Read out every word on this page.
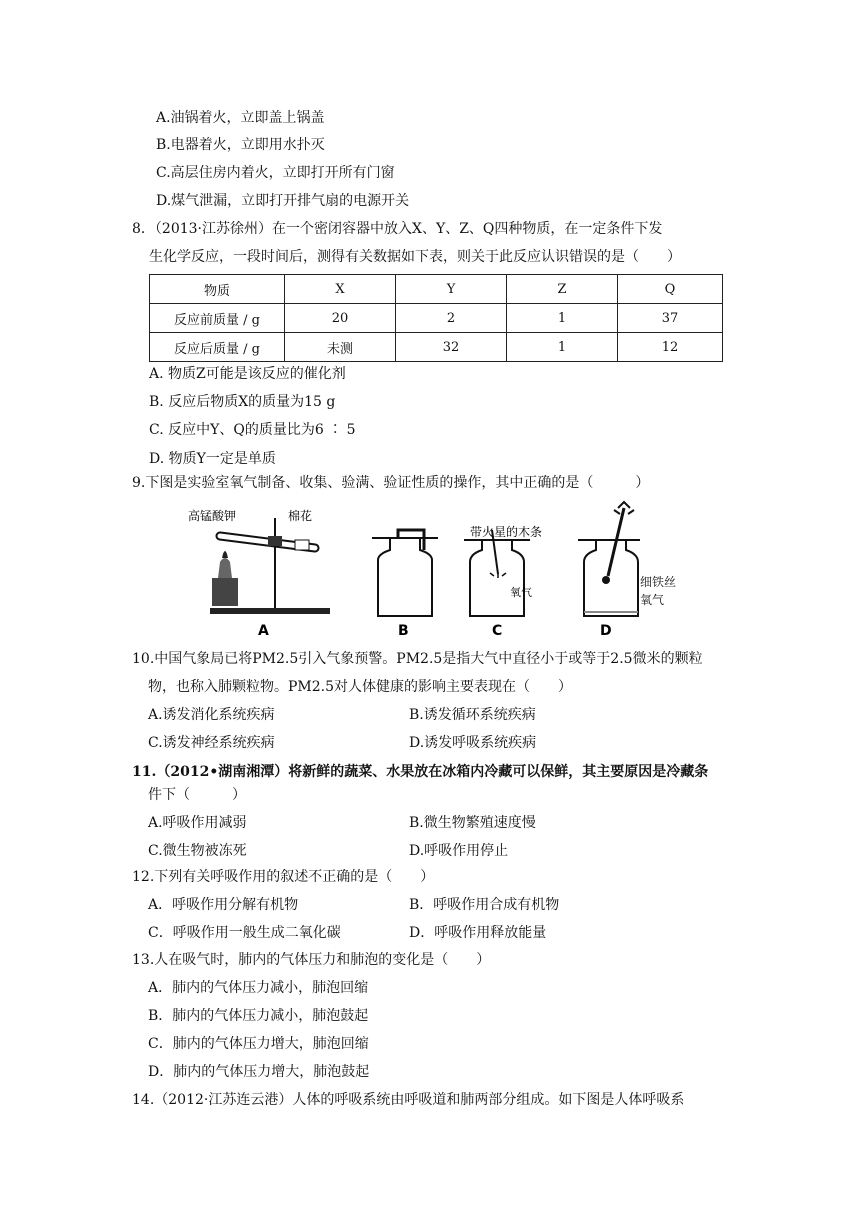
A.油锅着火，立即盖上锅盖
B.电器着火，立即用水扑灭
C.高层住房内着火，立即打开所有门窗
D.煤气泄漏，立即打开排气扇的电源开关
8．（2013·江苏徐州）在一个密闭容器中放入X、Y、Z、Q四种物质，在一定条件下发
生化学反应，一段时间后，测得有关数据如下表，则关于此反应认识错误的是（　　）
物质	X	Y	Z	Q
反应前质量 / g	20	2	1	37
反应后质量 / g	未测	32	1	12
A. 物质Z可能是该反应的催化剂
B. 反应后物质X的质量为15 g
C. 反应中Y、Q的质量比为6 ∶ 5
D. 物质Y一定是单质
9.下图是实验室氧气制备、收集、验满、验证性质的操作，其中正确的是（　　　）
高锰酸钾	棉花
A	B
带火星的木条
氧气
C	D
细铁丝
氧气
10.中国气象局已将PM2.5引入气象预警。PM2.5是指大气中直径小于或等于2.5微米的颗粒
物，也称入肺颗粒物。PM2.5对人体健康的影响主要表现在（　　）
A.诱发消化系统疾病	B.诱发循环系统疾病
C.诱发神经系统疾病	D.诱发呼吸系统疾病
11.（2012•湖南湘潭）将新鲜的蔬菜、水果放在冰箱内冷藏可以保鲜，其主要原因是冷藏条
件下（　　　）
A.呼吸作用减弱	B.微生物繁殖速度慢
C.微生物被冻死	D.呼吸作用停止
12.下列有关呼吸作用的叙述不正确的是（　　）
A．呼吸作用分解有机物	B．呼吸作用合成有机物
C．呼吸作用一般生成二氧化碳	D．呼吸作用释放能量
13.人在吸气时，肺内的气体压力和肺泡的变化是（　　）
A．肺内的气体压力减小，肺泡回缩
B．肺内的气体压力减小，肺泡鼓起
C．肺内的气体压力增大，肺泡回缩
D．肺内的气体压力增大，肺泡鼓起
14.（2012·江苏连云港）人体的呼吸系统由呼吸道和肺两部分组成。如下图是人体呼吸系
